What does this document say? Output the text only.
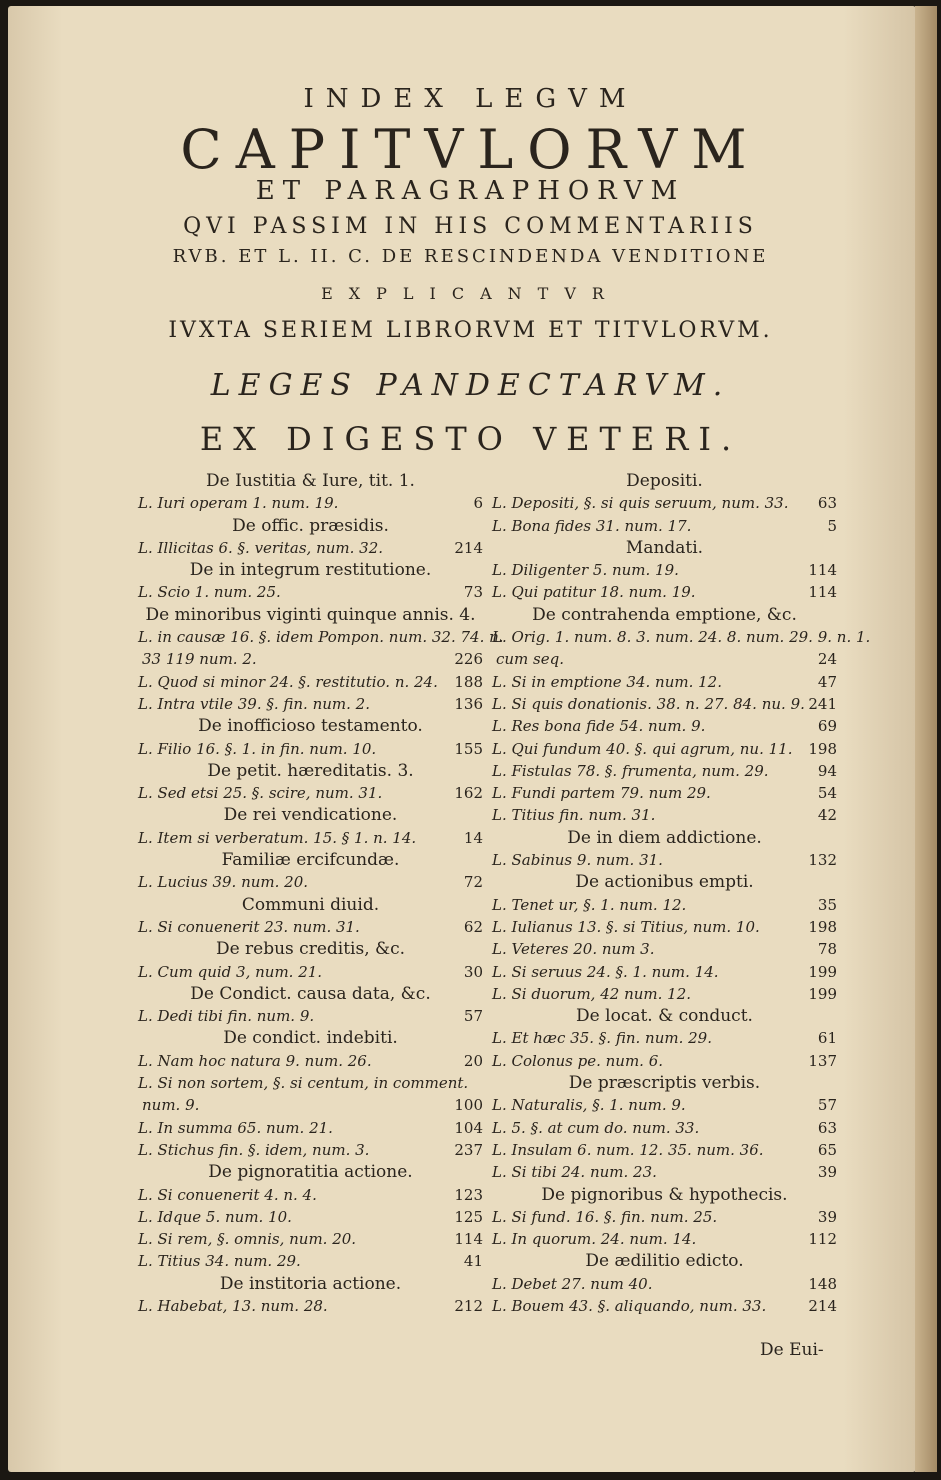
INDEX LEGVM
CAPITVLORVM
ET PARAGRAPHORVM
QVI PASSIM IN HIS COMMENTARIIS
RVB. ET L. II. C. DE RESCINDENDA VENDITIONE
EXPLICANTVR
IVXTA SERIEM LIBRORVM ET TITVLORVM.
LEGES PANDECTARVM.
EX DIGESTO VETERI.
De Iustitia & Iure, tit. 1.
L. Iuri operam 1. num. 19.	6
De offic. præsidis.
L. Illicitas 6. §. veritas, num. 32.	214
De in integrum restitutione.
L. Scio 1. num. 25.	73
De minoribus viginti quinque annis. 4.
L. in causæ 16. §. idem Pompon. num. 32. 74. n.
33 119 num. 2.	226
L. Quod si minor 24. §. restitutio. n. 24.	188
L. Intra vtile 39. §. fin. num. 2.	136
De inofficioso testamento.
L. Filio 16. §. 1. in fin. num. 10.	155
De petit. hæreditatis. 3.
L. Sed etsi 25. §. scire, num. 31.	162
De rei vendicatione.
L. Item si verberatum. 15. § 1. n. 14.	14
Familiæ ercifcundæ.
L. Lucius 39. num. 20.	72
Communi diuid.
L. Si conuenerit 23. num. 31.	62
De rebus creditis, &c.
L. Cum quid 3, num. 21.	30
De Condict. causa data, &c.
L. Dedi tibi fin. num. 9.	57
De condict. indebiti.
L. Nam hoc natura 9. num. 26.	20
L. Si non sortem, §. si centum, in comment.
num. 9.	100
L. In summa 65. num. 21.	104
L. Stichus fin. §. idem, num. 3.	237
De pignoratitia actione.
L. Si conuenerit 4. n. 4.	123
L. Idque 5. num. 10.	125
L. Si rem, §. omnis, num. 20.	114
L. Titius 34. num. 29.	41
De institoria actione.
L. Habebat, 13. num. 28.	212
Depositi.
L. Depositi, §. si quis seruum, num. 33.	63
L. Bona fides 31. num. 17.	5
Mandati.
L. Diligenter 5. num. 19.	114
L. Qui patitur 18. num. 19.	114
De contrahenda emptione, &c.
L. Orig. 1. num. 8. 3. num. 24. 8. num. 29. 9. n. 1.
cum seq.	24
L. Si in emptione 34. num. 12.	47
L. Si quis donationis. 38. n. 27. 84. nu. 9. 241
L. Res bona fide 54. num. 9.	69
L. Qui fundum 40. §. qui agrum, nu. 11.	198
L. Fistulas 78. §. frumenta, num. 29.	94
L. Fundi partem 79. num 29.	54
L. Titius fin. num. 31.	42
De in diem addictione.
L. Sabinus 9. num. 31.	132
De actionibus empti.
L. Tenet ur, §. 1. num. 12.	35
L. Iulianus 13. §. si Titius, num. 10.	198
L. Veteres 20. num 3.	78
L. Si seruus 24. §. 1. num. 14.	199
L. Si duorum, 42 num. 12.	199
De locat. & conduct.
L. Et hæc 35. §. fin. num. 29.	61
L. Colonus pe. num. 6.	137
De præscriptis verbis.
L. Naturalis, §. 1. num. 9.	57
L. 5. §. at cum do. num. 33.	63
L. Insulam 6. num. 12. 35. num. 36.	65
L. Si tibi 24. num. 23.	39
De pignoribus & hypothecis.
L. Si fund. 16. §. fin. num. 25.	39
L. In quorum. 24. num. 14.	112
De ædilitio edicto.
L. Debet 27. num 40.	148
L. Bouem 43. §. aliquando, num. 33.	214
De Eui-
